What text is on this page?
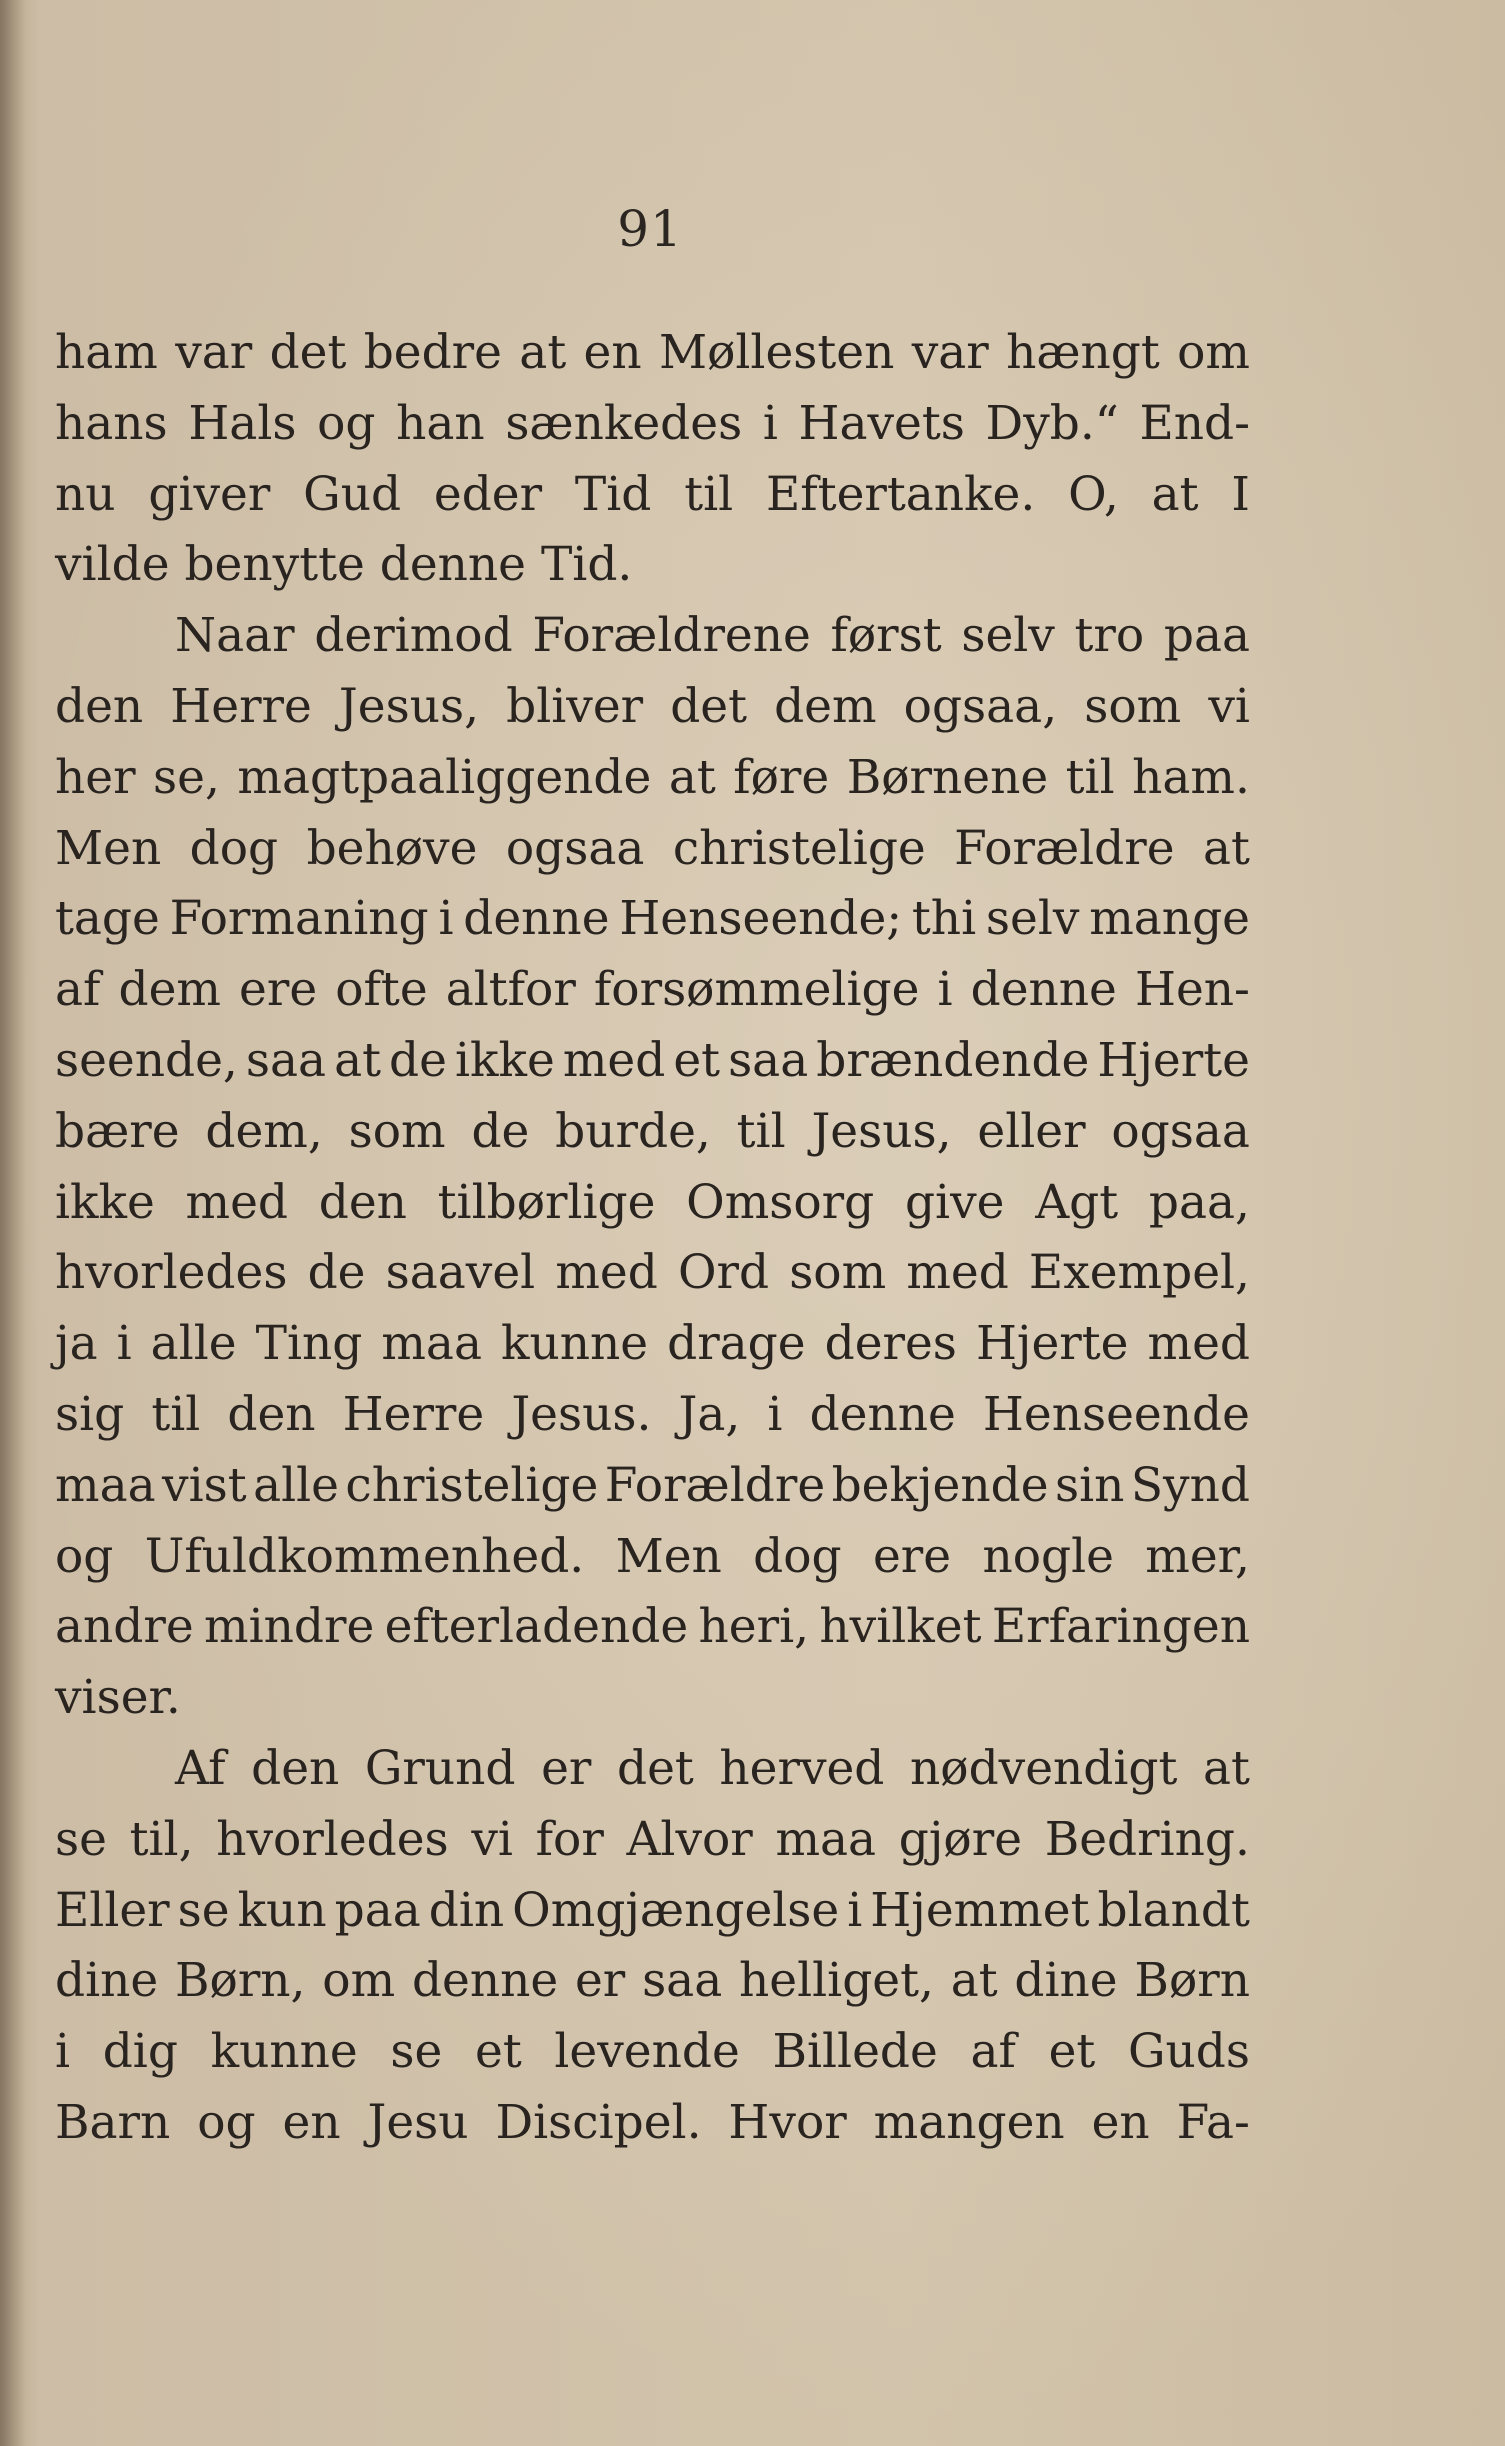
91
ham var det bedre at en Møllesten var hængt om
hans Hals og han sænkedes i Havets Dyb.“ End-
nu giver Gud eder Tid til Eftertanke. O, at I
vilde benytte denne Tid.
Naar derimod Forældrene først selv tro paa
den Herre Jesus, bliver det dem ogsaa, som vi
her se, magtpaaliggende at føre Børnene til ham.
Men dog behøve ogsaa christelige Forældre at
tage Formaning i denne Henseende; thi selv mange
af dem ere ofte altfor forsømmelige i denne Hen-
seende, saa at de ikke med et saa brændende Hjerte
bære dem, som de burde, til Jesus, eller ogsaa
ikke med den tilbørlige Omsorg give Agt paa,
hvorledes de saavel med Ord som med Exempel,
ja i alle Ting maa kunne drage deres Hjerte med
sig til den Herre Jesus. Ja, i denne Henseende
maa vist alle christelige Forældre bekjende sin Synd
og Ufuldkommenhed. Men dog ere nogle mer,
andre mindre efterladende heri, hvilket Erfaringen
viser.
Af den Grund er det herved nødvendigt at
se til, hvorledes vi for Alvor maa gjøre Bedring.
Eller se kun paa din Omgjængelse i Hjemmet blandt
dine Børn, om denne er saa helliget, at dine Børn
i dig kunne se et levende Billede af et Guds
Barn og en Jesu Discipel. Hvor mangen en Fa-
